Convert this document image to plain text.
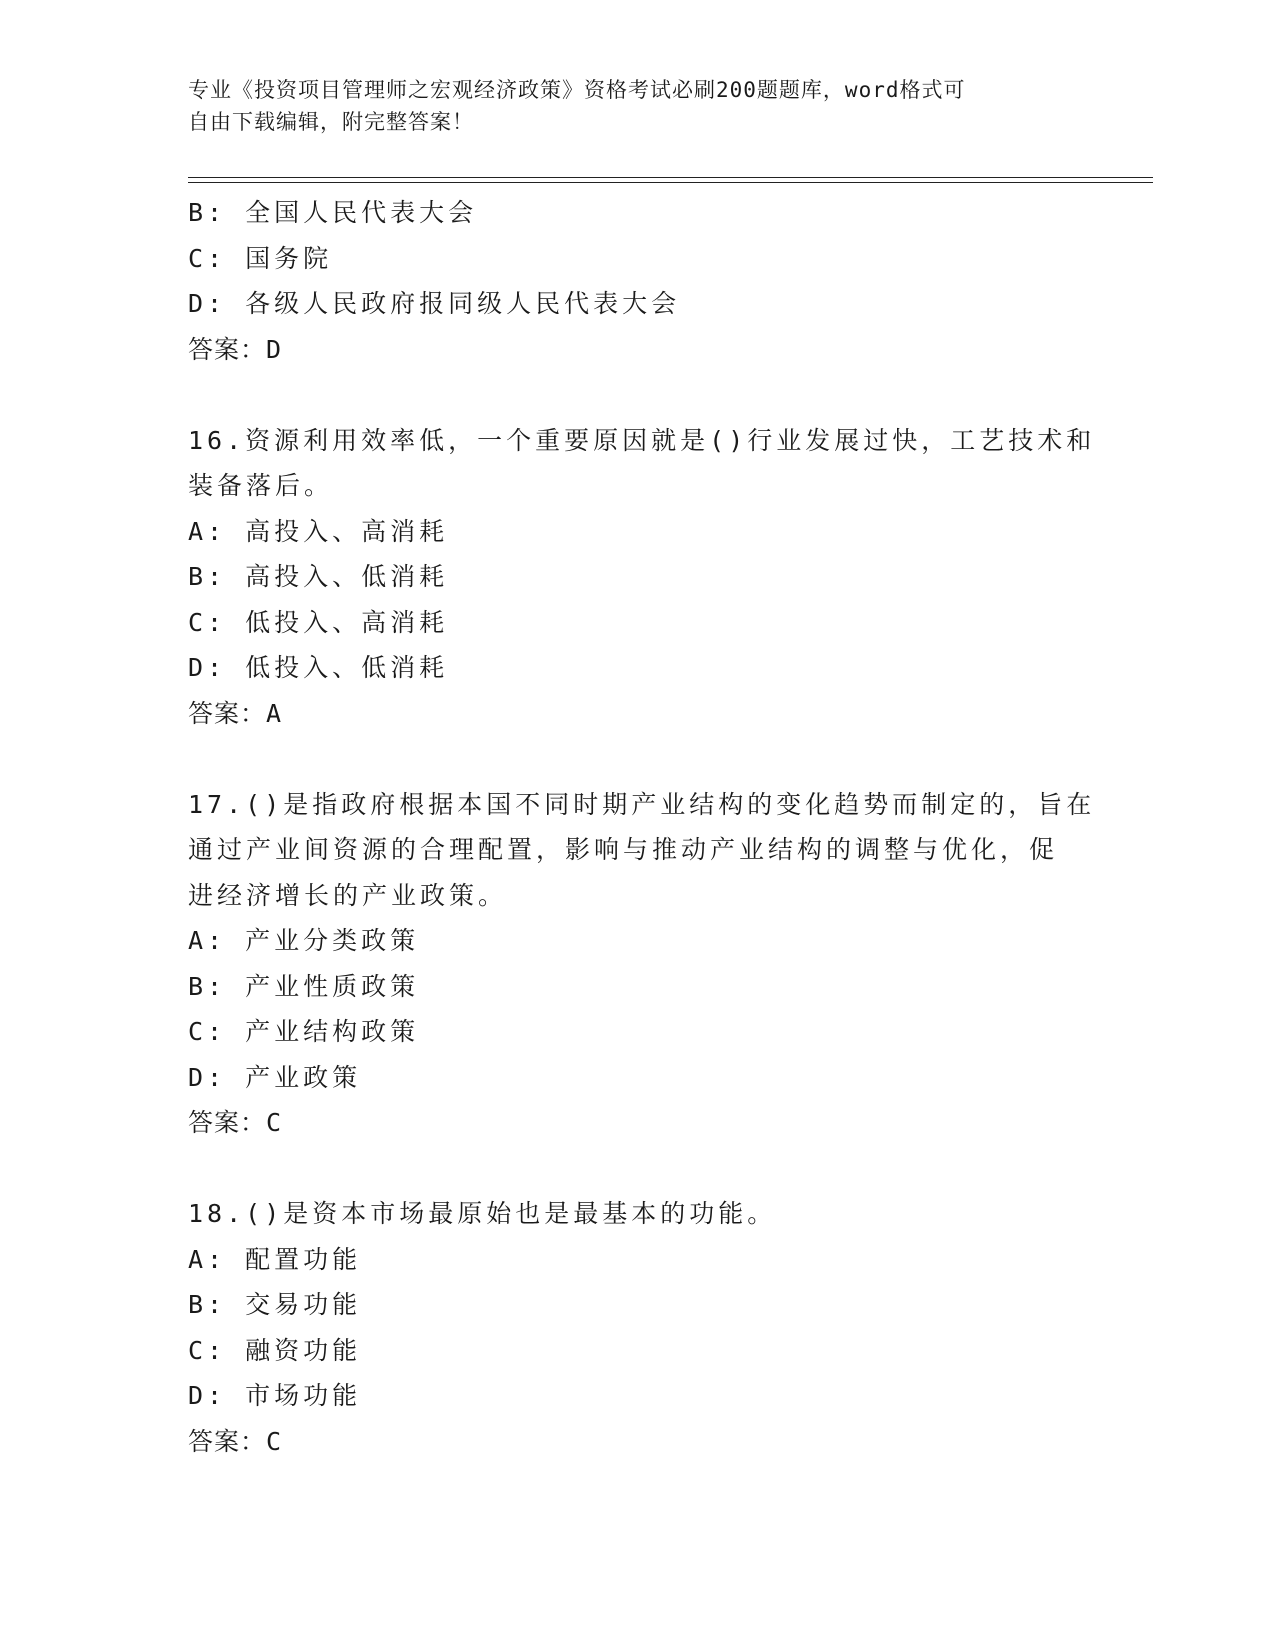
专业《投资项目管理师之宏观经济政策》资格考试必刷200题题库，word格式可
自由下载编辑，附完整答案！
B: 全国人民代表大会
C: 国务院
D: 各级人民政府报同级人民代表大会
答案：D
16.资源利用效率低，一个重要原因就是()行业发展过快，工艺技术和
装备落后。
A: 高投入、高消耗
B: 高投入、低消耗
C: 低投入、高消耗
D: 低投入、低消耗
答案：A
17.()是指政府根据本国不同时期产业结构的变化趋势而制定的，旨在
通过产业间资源的合理配置，影响与推动产业结构的调整与优化，促
进经济增长的产业政策。
A: 产业分类政策
B: 产业性质政策
C: 产业结构政策
D: 产业政策
答案：C
18.()是资本市场最原始也是最基本的功能。
A: 配置功能
B: 交易功能
C: 融资功能
D: 市场功能
答案：C
